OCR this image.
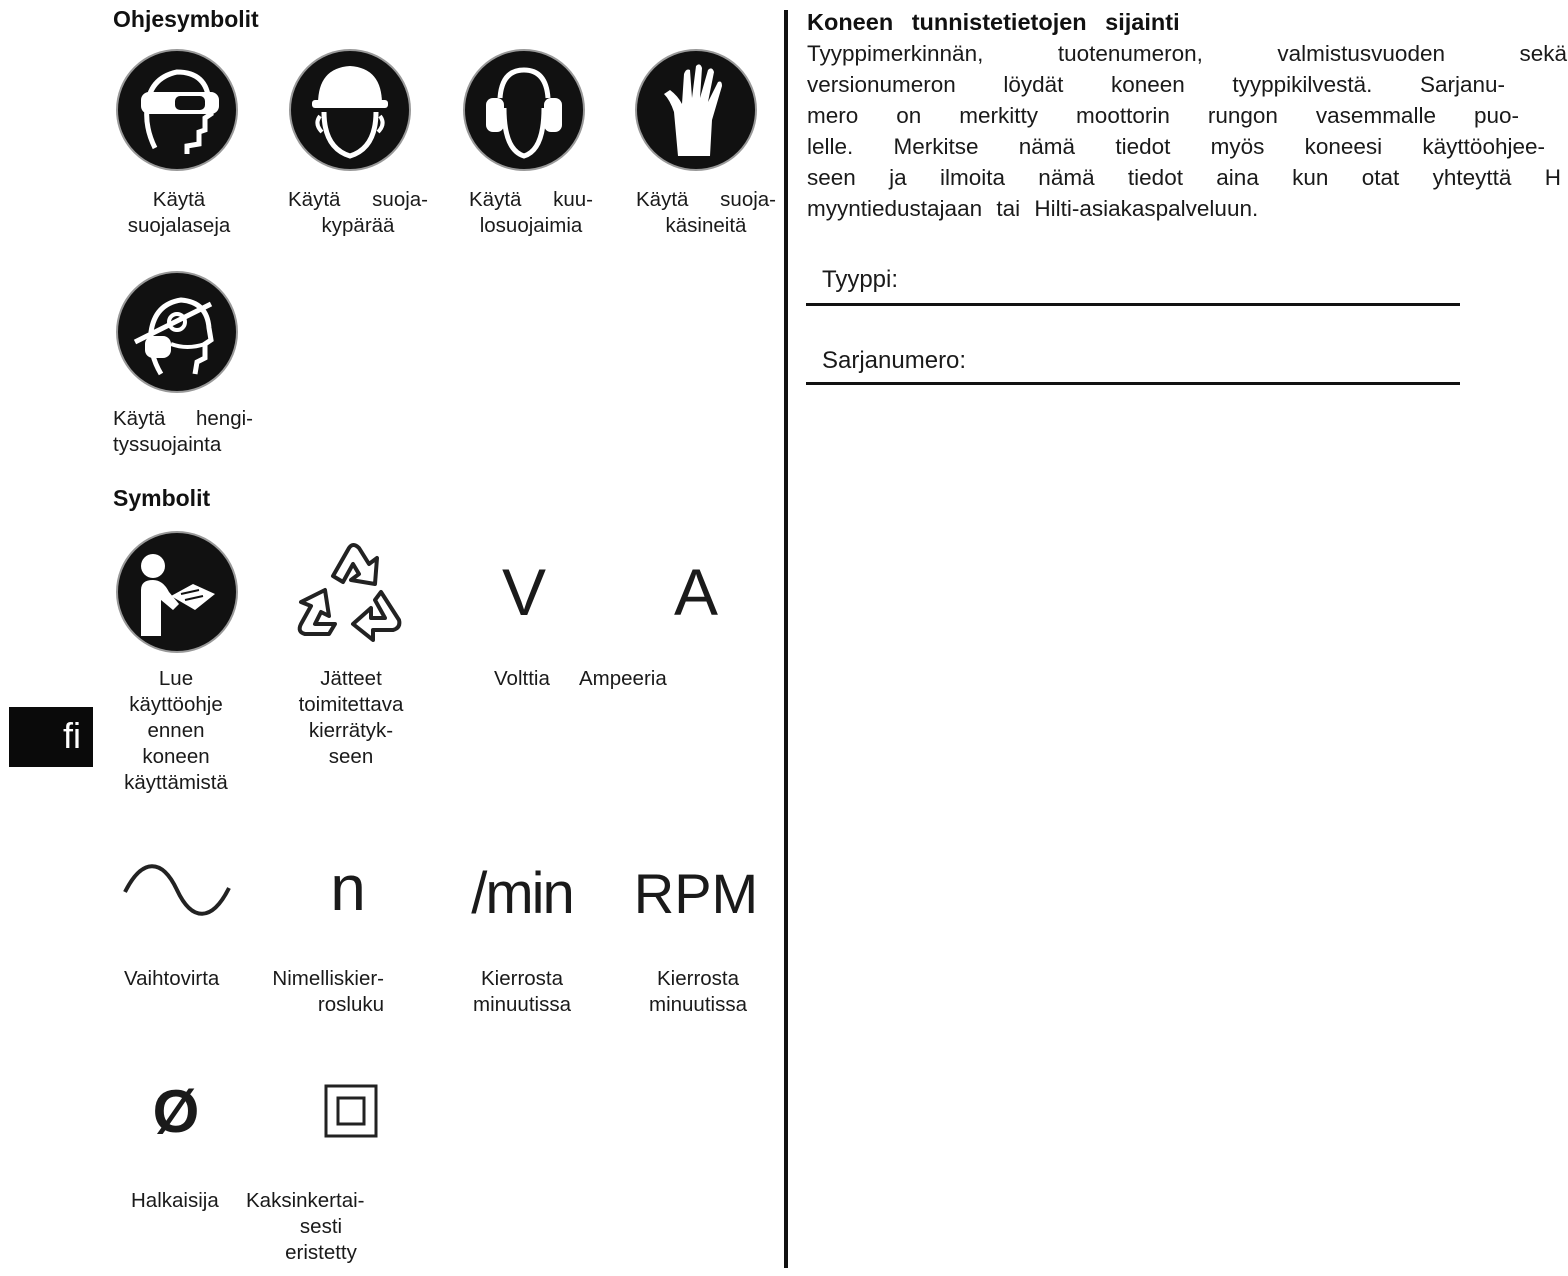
Ohjesymbolit
Käytä
suojalaseja
Käytä suoja-
kypärää
Käytä kuu-
losuojaimia
Käytä suoja-
käsineitä
Käytä hengi-
tyssuojainta
Symbolit
V	A
Lue
käyttöohje
ennen
koneen
käyttämistä
Jätteet
toimitettava
kierrätyk-
seen
Volttia Ampeeria
n	/min RPM
Vaihtovirta	Nimelliskier-
rosluku
Kierrosta
minuutissa
Kierrosta
minuutissa
Ø
Halkaisija Kaksinkertai-
sesti
eristetty
fi
Koneen tunnistetietojen sijainti
Tyyppimerkinnän, tuotenumeron, valmistusvuoden sekä
versionumeron löydät koneen tyyppikilvestä. Sarjanu-
mero on merkitty moottorin rungon vasemmalle puo-
lelle. Merkitse nämä tiedot myös koneesi käyttöohjee-
seen ja ilmoita nämä tiedot aina kun otat yhteyttä H
myyntiedustajaan tai Hilti-asiakaspalveluun.
Tyyppi:
Sarjanumero:
